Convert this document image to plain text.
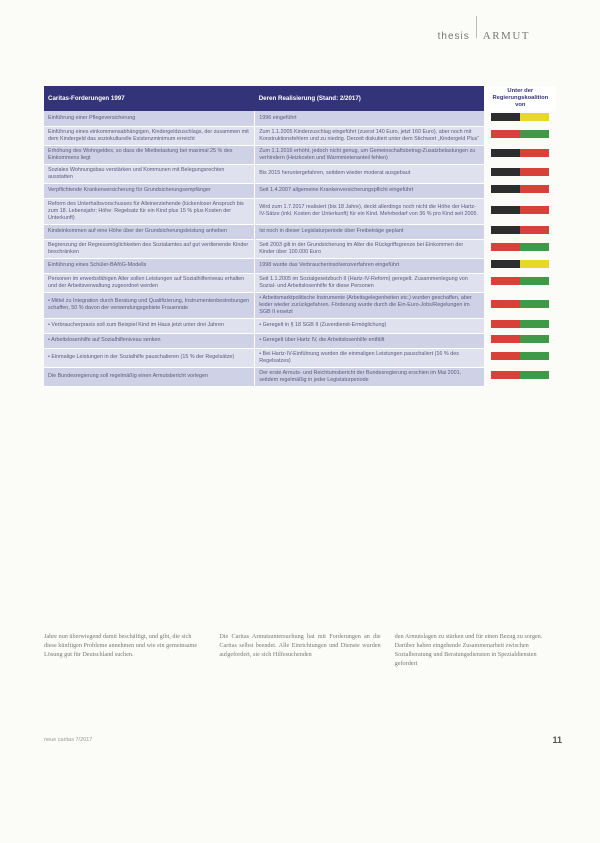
thesis ARMUT
Caritas-Forderungen 1997	Deren Realisierung (Stand: 2/2017)	Unter der Regierungskoalition von
Einführung einer Pflegeversicherung	1996 eingeführt	

Einführung eines einkommensabhängigen, Kindergeldzuschlags, der zusammen mit dem Kindergeld das soziokulturelle Existenzminimum erreicht	Zum 1.1.2005 Kinderzuschlag eingeführt (zuerst 140 Euro, jetzt 160 Euro), aber noch mit Konstruktionsfehlern und zu niedrig. Derzeit diskutiert unter dem Stichwort „Kindergeld Plus“	

Erhöhung des Wohngeldes, so dass die Mietbelastung bei maximal 25 % des Einkommens liegt	Zum 1.1.2016 erhöht, jedoch nicht genug, um Gemeinschaftsbetrag-Zusatzbelastungen zu verhindern (Heizkosten und Warmmietenanteil fehlen)	

Soziales Wohnungsbau verstärken und Kommunen mit Belegungsrechten ausstatten	Bis 2015 heruntergefahren, seitdem wieder moderat ausgebaut	

Verpflichtende Krankenversicherung für Grundsicherungsempfänger	Seit 1.4.2007 allgemeine Krankenversicherungspflicht eingeführt	

Reform des Unterhaltsvorschusses für Alleinerziehende (lückenloser Anspruch bis zum 18. Lebensjahr; Höhe: Regelsatz für ein Kind plus 15 % plus Kosten der Unterkunft)	Wird zum 1.7.2017 realisiert (bis 18 Jahre), deckt allerdings noch nicht die Höhe der Hartz-IV-Sätze (inkl. Kosten der Unterkunft) für ein Kind. Mehrbedarf von 36 % pro Kind seit 2005.	

Kindeinkommen auf eine Höhe über der Grundsicherungsleistung anheben	Ist noch in dieser Legislaturperiode über Freibeträge geplant	

Begrenzung der Regressmöglichkeiten des Sozialamtes auf gut verdienende Kinder beschränken	Seit 2003 gilt in der Grundsicherung im Alter die Rückgriffsgrenze bei Einkommen der Kinder über 100.000 Euro	

Einführung eines Schüler-BAföG-Modells	1998 wurde das Verbraucherinsolvenzverfahren eingeführt	

Personen im erwerbsfähigen Alter sollen Leistungen auf Sozialhilfeniveau erhalten und der Arbeitsverwaltung zugeordnet werden	Seit 1.1.2005 im Sozialgesetzbuch II (Hartz-IV-Reform) geregelt. Zusammenlegung von Sozial- und Arbeitslosenhilfe für diese Personen	

• Mittel zu Integration durch Beratung und Qualifizierung, Instrumentenbestrebungen schaffen, 50 % davon der verwendungsgebiete Frauenrate	• Arbeitsmarktpolitische Instrumente (Arbeitsgelegenheiten etc.) wurden geschaffen, aber leider wieder zurückgefahren. Förderung wurde durch die Ein-Euro-Jobs/Regelungen im SGB II ersetzt	

• Verbraucherpraxis soll zum Beispiel Kind im Haus jetzt unter drei Jahren	• Geregelt in § 18 SGB II (Zuverdienst-Ermöglichung)	

• Arbeitslosenhilfe auf Sozialhilfeniveau senken	• Geregelt über Hartz IV, die Arbeitslosenhilfe entfällt	

• Einmalige Leistungen in der Sozialhilfe pauschalieren (15 % der Regelsätze)	• Bei Hartz-IV-Einführung wurden die einmaligen Leistungen pauschaliert (16 % des Regelsatzes)	

Die Bundesregierung soll regelmäßig einen Armutsbericht vorlegen	Der erste Armuts- und Reichtumsbericht der Bundesregierung erschien im Mai 2001, seitdem regelmäßig in jeder Legislaturperiode	
Jahre nun überwiegend damit beschäftigt, und gibt, die sich diese künftigen Probleme annehmen und wie ein gemeinsame Lösung gut für Deutschland suchen.
Die Caritas Armutsuntersuchung hat mit Forderungen an die Caritas selbst beendet. Alle Einrichtungen und Dienste wurden aufgefordert, sie sich Hilfesuchenden
den Armutslagen zu stärken und für einen Bezug zu sorgen. Darüber haben eingehende Zusammenarbeit zwischen Sozialberatung und Beratungsdiensten in Spezialdiensten gefordert
neue caritas 7/2017	11
